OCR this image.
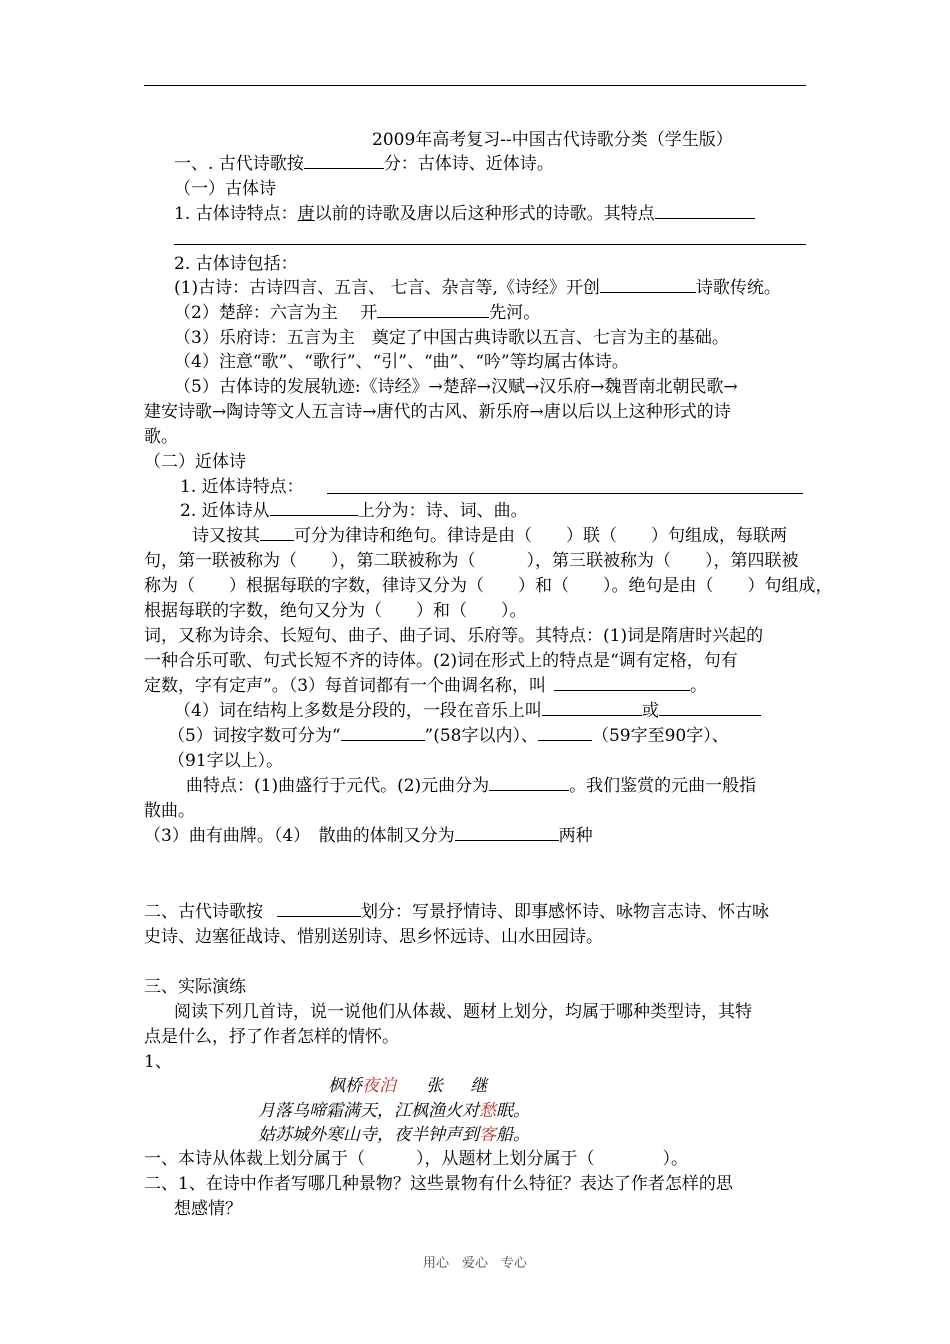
2009年高考复习--中国古代诗歌分类（学生版）
一、. 古代诗歌按	分：古体诗、近体诗。
（一）古体诗
1. 古体诗特点：唐以前的诗歌及唐以后这种形式的诗歌。其特点
2. 古体诗包括：
(1)古诗：古诗四言、五言、 七言、杂言等,《诗经》开创	诗歌传统。
（2）楚辞：六言为主　 开	先河。
（3）乐府诗：五言为主　奠定了中国古典诗歌以五言、七言为主的基础。
（4）注意“歌”、“歌行”、“引”、“曲”、“吟”等均属古体诗。
（5）古体诗的发展轨迹:《诗经》→楚辞→汉赋→汉乐府→魏晋南北朝民歌→
建安诗歌→陶诗等文人五言诗→唐代的古风、新乐府→唐以后以上这种形式的诗
歌。
（二）近体诗
1. 近体诗特点：
2. 近体诗从	上分为：诗、词、曲。
诗又按其 可分为律诗和绝句。律诗是由（　　）联（　　）句组成，每联两
句，第一联被称为（　　），第二联被称为（　　　），第三联被称为（　　），第四联被
称为（　　）根据每联的字数，律诗又分为（　　）和（　　）。绝句是由（　　）句组成，
根据每联的字数，绝句又分为（　　）和（　　）。
词，又称为诗余、长短句、曲子、曲子词、乐府等。其特点：(1)词是隋唐时兴起的
一种合乐可歌、句式长短不齐的诗体。(2)词在形式上的特点是“调有定格，句有
定数，字有定声”。（3）每首词都有一个曲调名称，叫	。
（4）词在结构上多数是分段的，一段在音乐上叫	或
（5）词按字数可分为“	”(58字以内）、	（59字至90字）、
（91字以上）。
曲特点：(1)曲盛行于元代。(2)元曲分为	。我们鉴赏的元曲一般指
散曲。
（3）曲有曲牌。（4）　散曲的体制又分为	两种
二、古代诗歌按	划分：写景抒情诗、即事感怀诗、咏物言志诗、怀古咏
史诗、边塞征战诗、惜别送别诗、思乡怀远诗、山水田园诗。
三、实际演练
阅读下列几首诗，说一说他们从体裁、题材上划分，均属于哪种类型诗，其特
点是什么，抒了作者怎样的情怀。
1、
枫桥夜泊 张　 继
月落乌啼霜满天，江枫渔火对愁眠。
姑苏城外寒山寺，夜半钟声到客船。
一、本诗从体裁上划分属于（　　　），从题材上划分属于（　　　　）。
二、1、在诗中作者写哪几种景物？这些景物有什么特征？表达了作者怎样的思
想感情？
用心　爱心　专心
